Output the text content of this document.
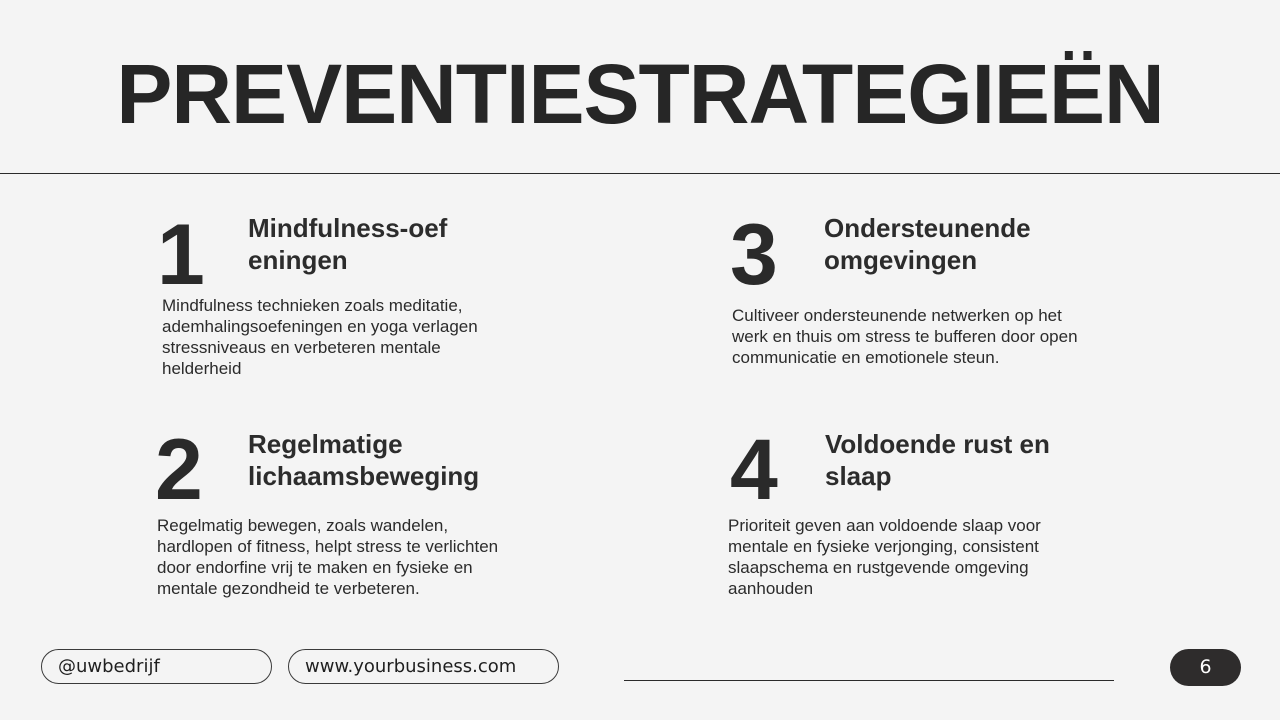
PREVENTIESTRATEGIEËN
1 Mindfulness-oef
eningen
Mindfulness technieken zoals meditatie,
ademhalingsoefeningen en yoga verlagen
stressniveaus en verbeteren mentale
helderheid
2 Regelmatige
lichaamsbeweging
Regelmatig bewegen, zoals wandelen,
hardlopen of fitness, helpt stress te verlichten
door endorfine vrij te maken en fysieke en
mentale gezondheid te verbeteren.
3 Ondersteunende
omgevingen
Cultiveer ondersteunende netwerken op het
werk en thuis om stress te bufferen door open
communicatie en emotionele steun.
4 Voldoende rust en
slaap
Prioriteit geven aan voldoende slaap voor
mentale en fysieke verjonging, consistent
slaapschema en rustgevende omgeving
aanhouden
@uwbedrijf	www.yourbusiness.com	6
